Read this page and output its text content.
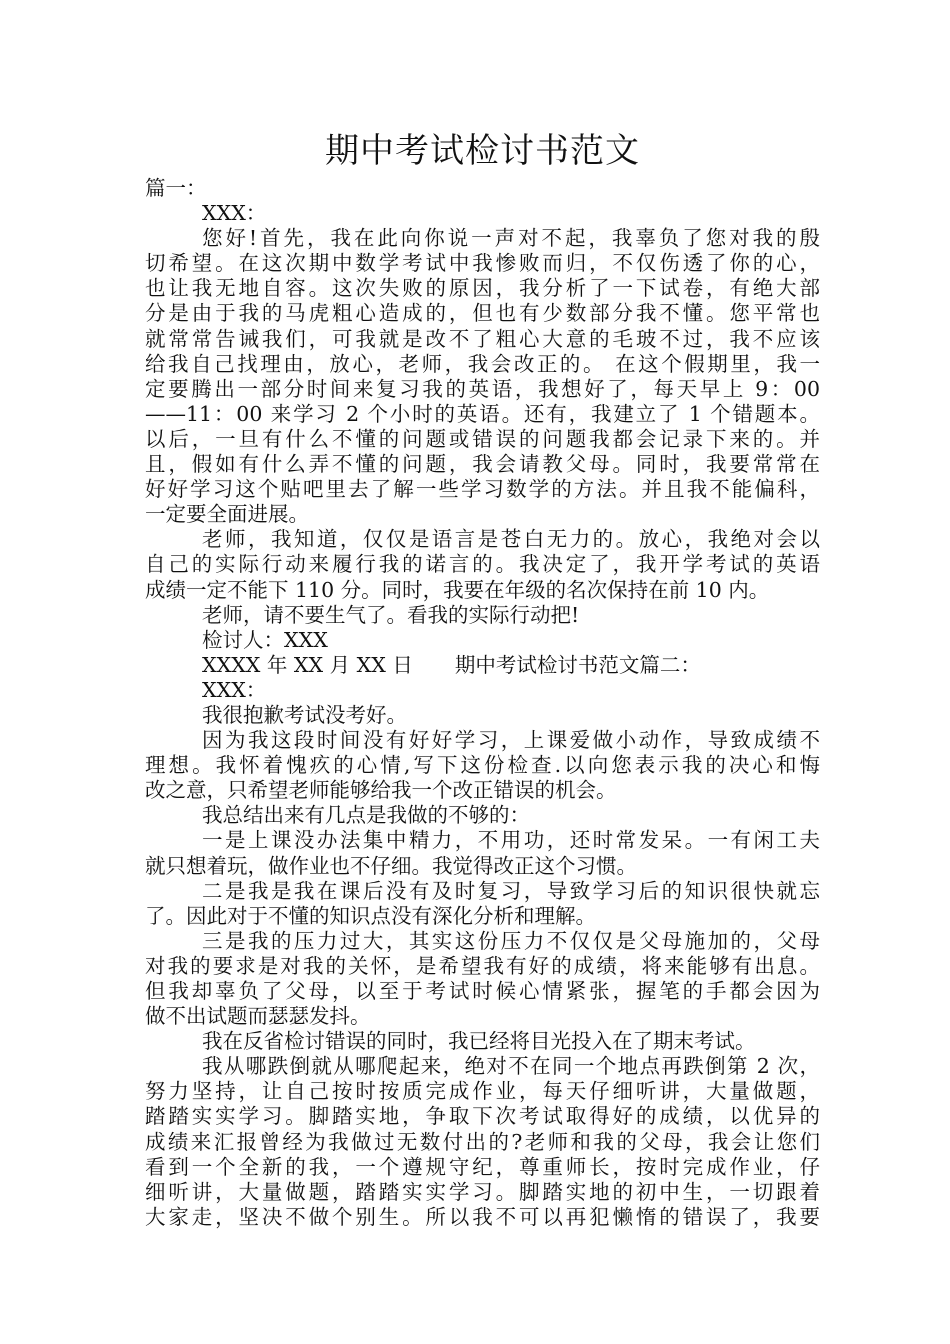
期中考试检讨书范文
篇一：
XXX：
您好!首先，我在此向你说一声对不起，我辜负了您对我的殷
切希望。在这次期中数学考试中我惨败而归，不仅伤透了你的心，
也让我无地自容。这次失败的原因，我分析了一下试卷，有绝大部
分是由于我的马虎粗心造成的，但也有少数部分我不懂。您平常也
就常常告诫我们，可我就是改不了粗心大意的毛玻不过，我不应该
给我自己找理由，放心，老师，我会改正的。 在这个假期里，我一
定要腾出一部分时间来复习我的英语，我想好了，每天早上 9：00
——11：00 来学习 2 个小时的英语。还有，我建立了 1 个错题本。
以后，一旦有什么不懂的问题或错误的问题我都会记录下来的。并
且，假如有什么弄不懂的问题，我会请教父母。同时，我要常常在
好好学习这个贴吧里去了解一些学习数学的方法。并且我不能偏科，
一定要全面进展。
老师，我知道，仅仅是语言是苍白无力的。放心，我绝对会以
自己的实际行动来履行我的诺言的。我决定了，我开学考试的英语
成绩一定不能下 110 分。同时，我要在年级的名次保持在前 10 内。
老师，请不要生气了。看我的实际行动把!
检讨人：XXX
XXXX 年 XX 月 XX 日 期中考试检讨书范文篇二：
XXX：
我很抱歉考试没考好。
因为我这段时间没有好好学习，上课爱做小动作，导致成绩不
理想。我怀着愧疚的心情,写下这份检查.以向您表示我的决心和悔
改之意，只希望老师能够给我一个改正错误的机会。
我总结出来有几点是我做的不够的：
一是上课没办法集中精力，不用功，还时常发呆。一有闲工夫
就只想着玩，做作业也不仔细。我觉得改正这个习惯。
二是我是我在课后没有及时复习，导致学习后的知识很快就忘
了。因此对于不懂的知识点没有深化分析和理解。
三是我的压力过大，其实这份压力不仅仅是父母施加的，父母
对我的要求是对我的关怀，是希望我有好的成绩，将来能够有出息。
但我却辜负了父母，以至于考试时候心情紧张，握笔的手都会因为
做不出试题而瑟瑟发抖。
我在反省检讨错误的同时，我已经将目光投入在了期末考试。
我从哪跌倒就从哪爬起来，绝对不在同一个地点再跌倒第 2 次，
努力坚持，让自己按时按质完成作业，每天仔细听讲，大量做题，
踏踏实实学习。脚踏实地，争取下次考试取得好的成绩，以优异的
成绩来汇报曾经为我做过无数付出的?老师和我的父母，我会让您们
看到一个全新的我，一个遵规守纪，尊重师长，按时完成作业，仔
细听讲，大量做题，踏踏实实学习。脚踏实地的初中生，一切跟着
大家走，坚决不做个别生。所以我不可以再犯懒惰的错误了，我要
